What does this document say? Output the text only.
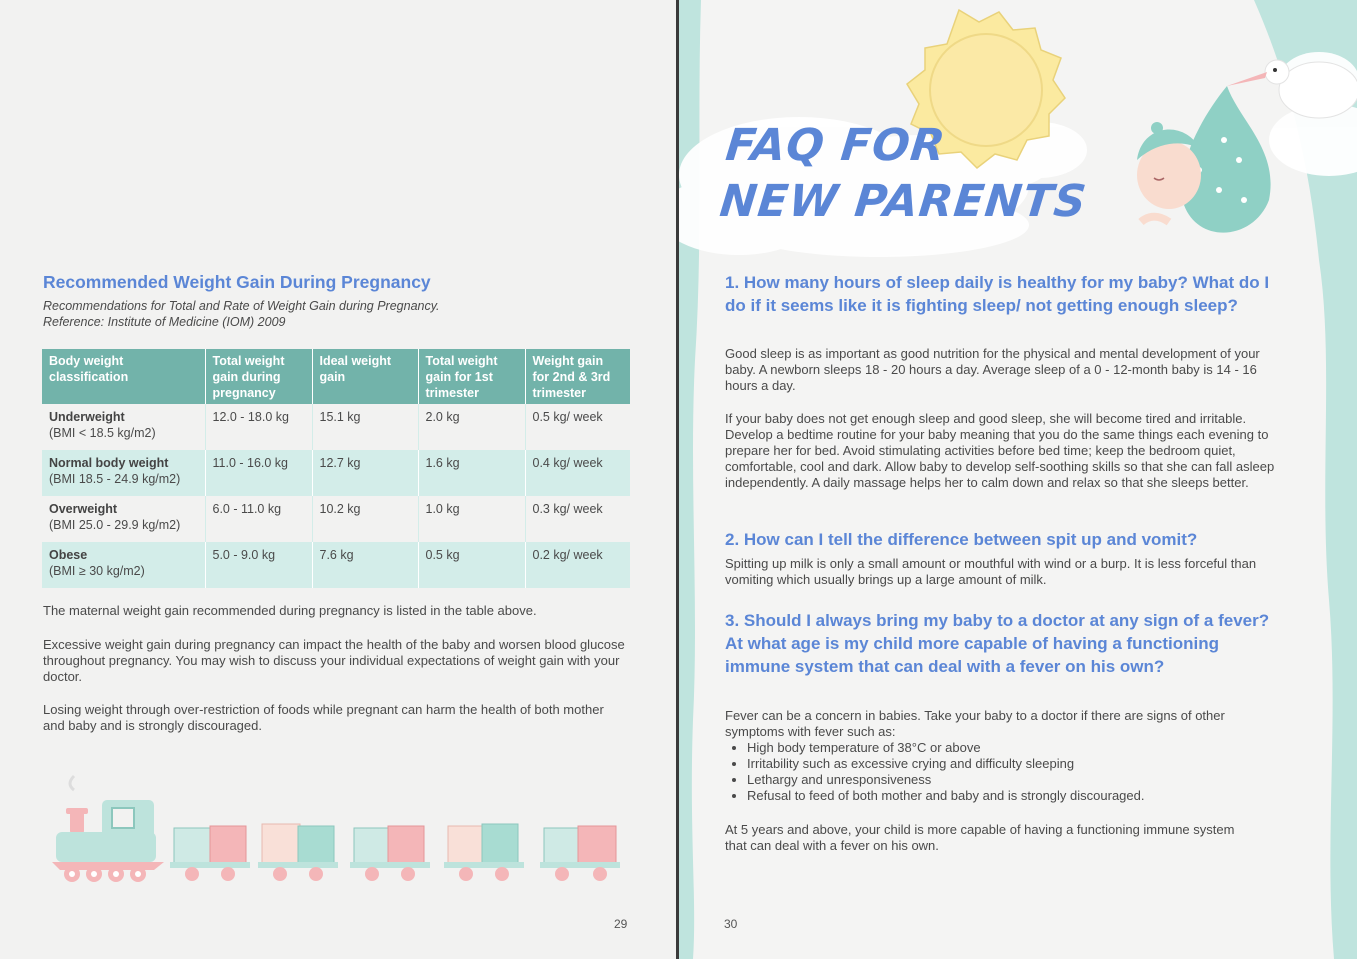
Recommended Weight Gain During Pregnancy
Recommendations for Total and Rate of Weight Gain during Pregnancy.
Reference: Institute of Medicine (IOM) 2009
Body weight classification	Total weight gain during pregnancy	Ideal weight gain	Total weight gain for 1st trimester	Weight gain for 2nd & 3rd trimester

Underweight
(BMI < 18.5 kg/m2)	12.0 - 18.0 kg	15.1 kg	2.0 kg	0.5 kg/ week

Normal body weight
(BMI 18.5 - 24.9 kg/m2)	11.0 - 16.0 kg	12.7 kg	1.6 kg	0.4 kg/ week

Overweight
(BMI 25.0 - 29.9 kg/m2)	6.0 - 11.0 kg	10.2 kg	1.0 kg	0.3 kg/ week

Obese
(BMI ≥ 30 kg/m2)	5.0 - 9.0 kg	7.6 kg	0.5 kg	0.2 kg/ week
The maternal weight gain recommended during pregnancy is listed in the table above.
Excessive weight gain during pregnancy can impact the health of the baby and worsen blood glucose throughout pregnancy. You may wish to discuss your individual expectations of weight gain with your doctor.
Losing weight through over-restriction of foods while pregnant can harm the health of both mother and baby and is strongly discouraged.
29
FAQ FOR
NEW PARENTS
1. How many hours of sleep daily is healthy for my baby? What do I do if it seems like it is fighting sleep/ not getting enough sleep?
Good sleep is as important as good nutrition for the physical and mental development of your baby. A newborn sleeps 18 - 20 hours a day. Average sleep of a 0 - 12-month baby is 14 - 16 hours a day.
If your baby does not get enough sleep and good sleep, she will become tired and irritable. Develop a bedtime routine for your baby meaning that you do the same things each evening to prepare her for bed. Avoid stimulating activities before bed time; keep the bedroom quiet, comfortable, cool and dark. Allow baby to develop self-soothing skills so that she can fall asleep independently. A daily massage helps her to calm down and relax so that she sleeps better.
2. How can I tell the difference between spit up and vomit?
Spitting up milk is only a small amount or mouthful with wind or a burp. It is less forceful than vomiting which usually brings up a large amount of milk.
3. Should I always bring my baby to a doctor at any sign of a fever? At what age is my child more capable of having a functioning immune system that can deal with a fever on his own?
Fever can be a concern in babies. Take your baby to a doctor if there are signs of other symptoms with fever such as:
• High body temperature of 38°C or above
• Irritability such as excessive crying and difficulty sleeping
• Lethargy and unresponsiveness
• Refusal to feed of both mother and baby and is strongly discouraged.
At 5 years and above, your child is more capable of having a functioning immune system that can deal with a fever on his own.
30
